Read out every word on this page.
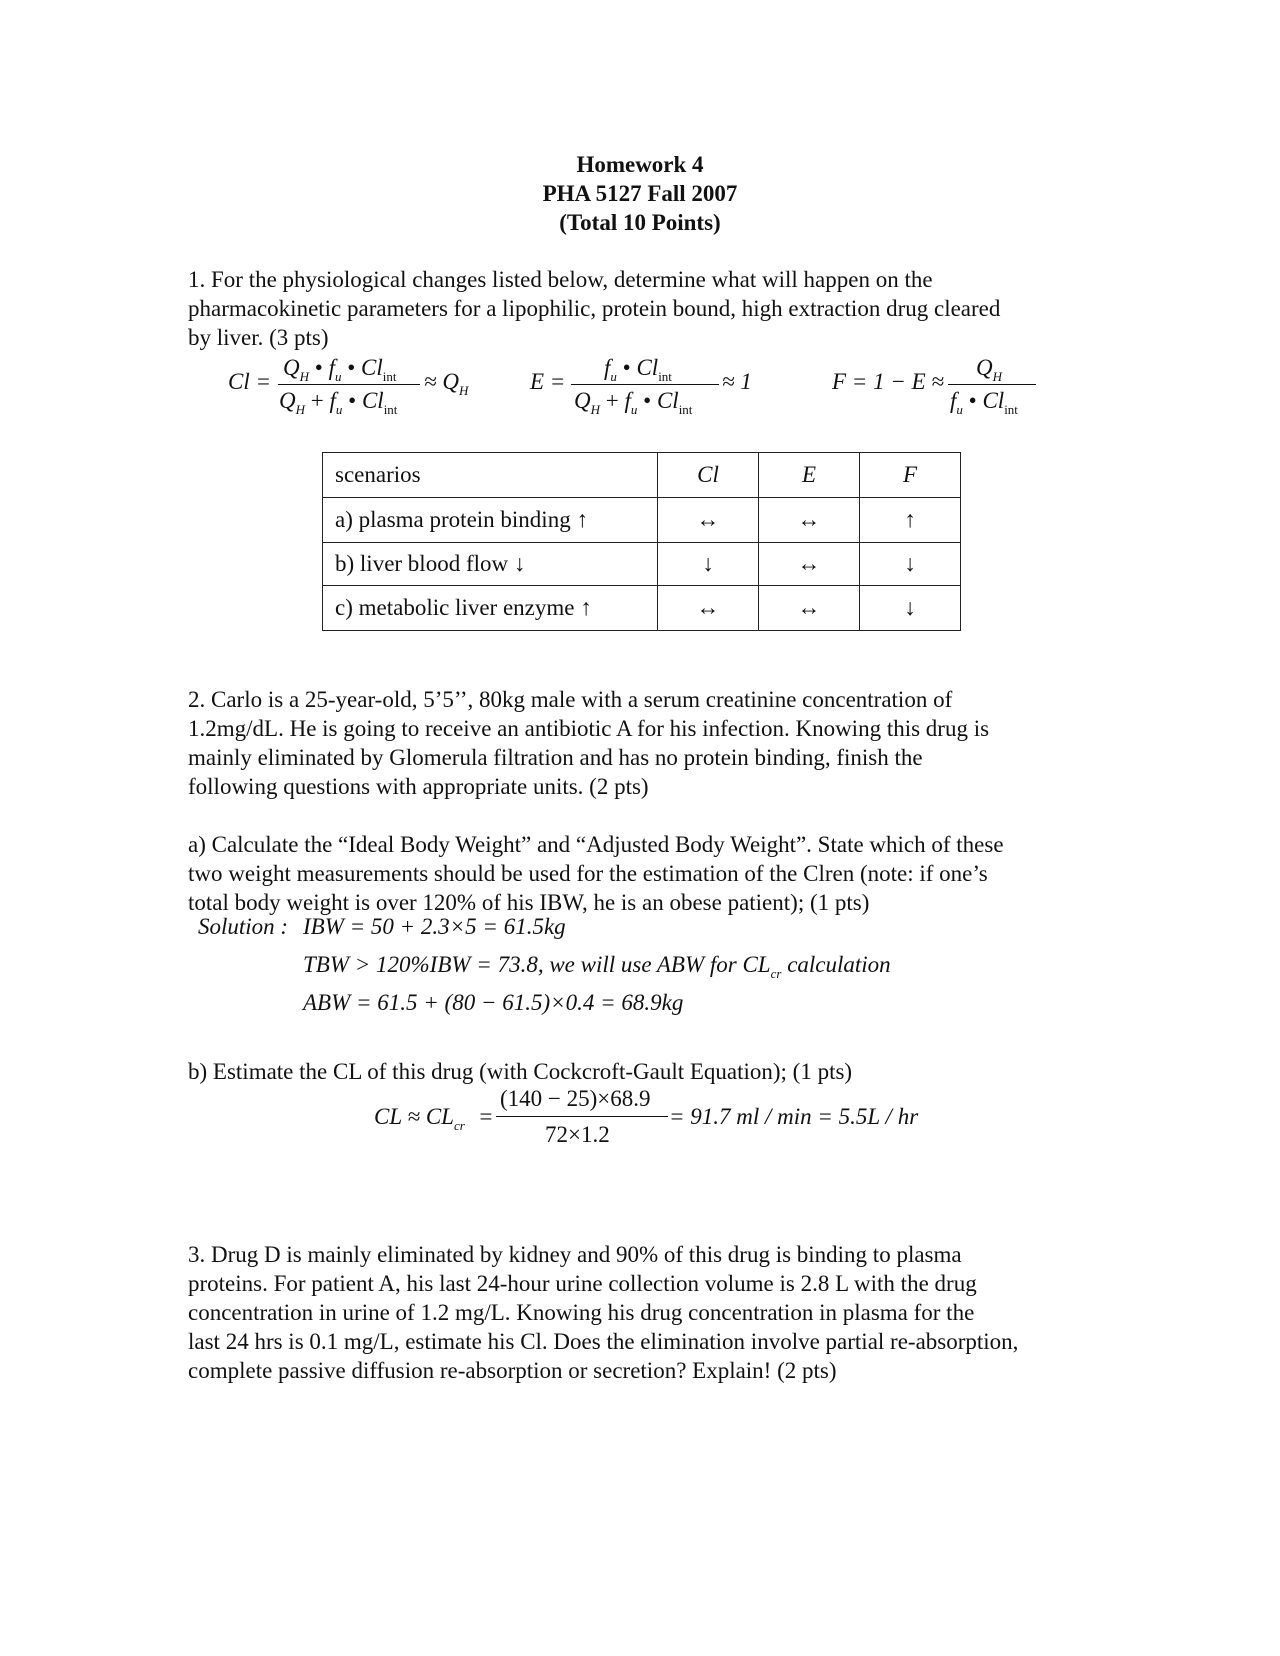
Homework 4
PHA 5127 Fall 2007
(Total 10 Points)
1. For the physiological changes listed below, determine what will happen on the
pharmacokinetic parameters for a lipophilic, protein bound, high extraction drug cleared
by liver. (3 pts)
Cl =
$Q_H$ • $f_u$ • $Cl_{int}$
$Q_H + f_u$ • $Cl_{int}$
≈ $Q_H$	E =
$f_u$ • $Cl_{int}$
$Q_H + f_u$ • $Cl_{int}$
≈ 1	F = 1 − E ≈
$Q_H$
$f_u$ • $Cl_{int}$
scenarios	Cl	E	F
a) plasma protein binding ↑	↔	↔	↑
b) liver blood flow ↓	↓	↔	↓
c) metabolic liver enzyme ↑	↔	↔	↓
2. Carlo is a 25-year-old, 5’5’’, 80kg male with a serum creatinine concentration of
1.2mg/dL. He is going to receive an antibiotic A for his infection. Knowing this drug is
mainly eliminated by Glomerula filtration and has no protein binding, finish the
following questions with appropriate units. (2 pts)
a) Calculate the “Ideal Body Weight” and “Adjusted Body Weight”. State which of these
two weight measurements should be used for the estimation of the Clren (note: if one’s
total body weight is over 120% of his IBW, he is an obese patient); (1 pts)
Solution : IBW = 50 + 2.3×5 = 61.5kg
TBW > 120%IBW = 73.8, we will use ABW for $CL_{cr}$ calculation
ABW = 61.5 + (80 − 61.5)×0.4 = 68.9kg
b) Estimate the CL of this drug (with Cockcroft-Gault Equation); (1 pts)
CL ≈ $CL_{cr}$ =
(140 − 25)×68.9
72×1.2
= 91.7 ml / min = 5.5L / hr
3. Drug D is mainly eliminated by kidney and 90% of this drug is binding to plasma
proteins. For patient A, his last 24-hour urine collection volume is 2.8 L with the drug
concentration in urine of 1.2 mg/L. Knowing his drug concentration in plasma for the
last 24 hrs is 0.1 mg/L, estimate his Cl. Does the elimination involve partial re-absorption,
complete passive diffusion re-absorption or secretion? Explain! (2 pts)
